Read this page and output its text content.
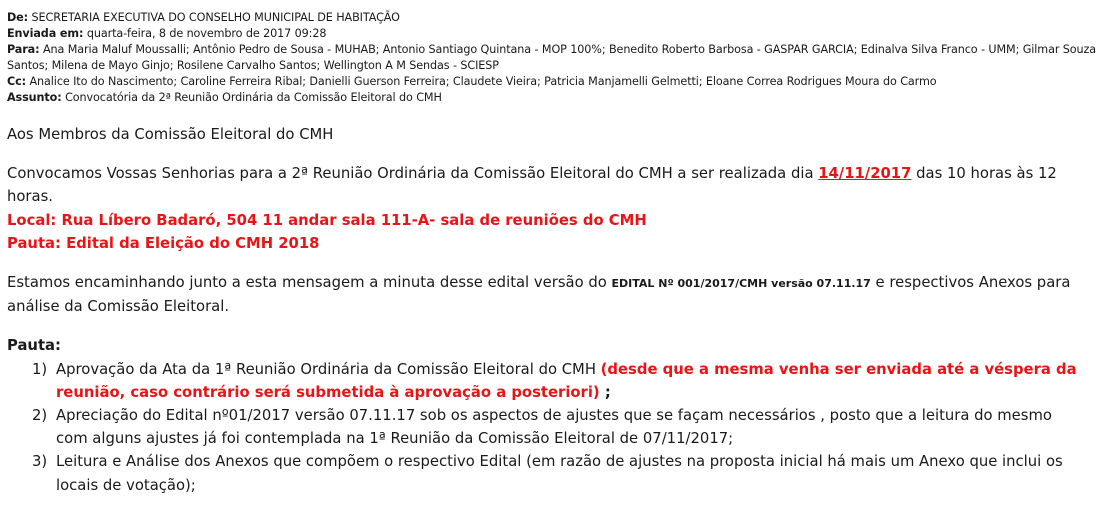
De: SECRETARIA EXECUTIVA DO CONSELHO MUNICIPAL DE HABITAÇÃO
Enviada em: quarta-feira, 8 de novembro de 2017 09:28
Para: Ana Maria Maluf Moussalli; Antônio Pedro de Sousa - MUHAB; Antonio Santiago Quintana - MOP 100%; Benedito Roberto Barbosa - GASPAR GARCIA; Edinalva Silva Franco - UMM; Gilmar Souza Santos; Milena de Mayo Ginjo; Rosilene Carvalho Santos; Wellington A M Sendas - SCIESP
Cc: Analice Ito do Nascimento; Caroline Ferreira Ribal; Danielli Guerson Ferreira; Claudete Vieira; Patricia Manjamelli Gelmetti; Eloane Correa Rodrigues Moura do Carmo
Assunto: Convocatória da 2ª Reunião Ordinária da Comissão Eleitoral do CMH

Aos Membros da Comissão Eleitoral do CMH

Convocamos Vossas Senhorias para a 2ª Reunião Ordinária da Comissão Eleitoral do CMH a ser realizada dia 14/11/2017 das 10 horas às 12 horas.

Local: Rua Líbero Badaró, 504 11 andar sala 111-A- sala de reuniões do CMH

Pauta: Edital da Eleição do CMH 2018

Estamos encaminhando junto a esta mensagem a minuta desse edital versão do EDITAL Nº 001/2017/CMH versão 07.11.17 e respectivos Anexos para análise da Comissão Eleitoral.

Pauta:

1) Aprovação da Ata da 1ª Reunião Ordinária da Comissão Eleitoral do CMH (desde que a mesma venha ser enviada até a véspera da reunião, caso contrário será submetida à aprovação a posteriori) ;
2) Apreciação do Edital nº01/2017 versão 07.11.17 sob os aspectos de ajustes que se façam necessários , posto que a leitura do mesmo com alguns ajustes já foi contemplada na 1ª Reunião da Comissão Eleitoral de 07/11/2017;
3) Leitura e Análise dos Anexos que compõem o respectivo Edital (em razão de ajustes na proposta inicial há mais um Anexo que inclui os locais de votação);
